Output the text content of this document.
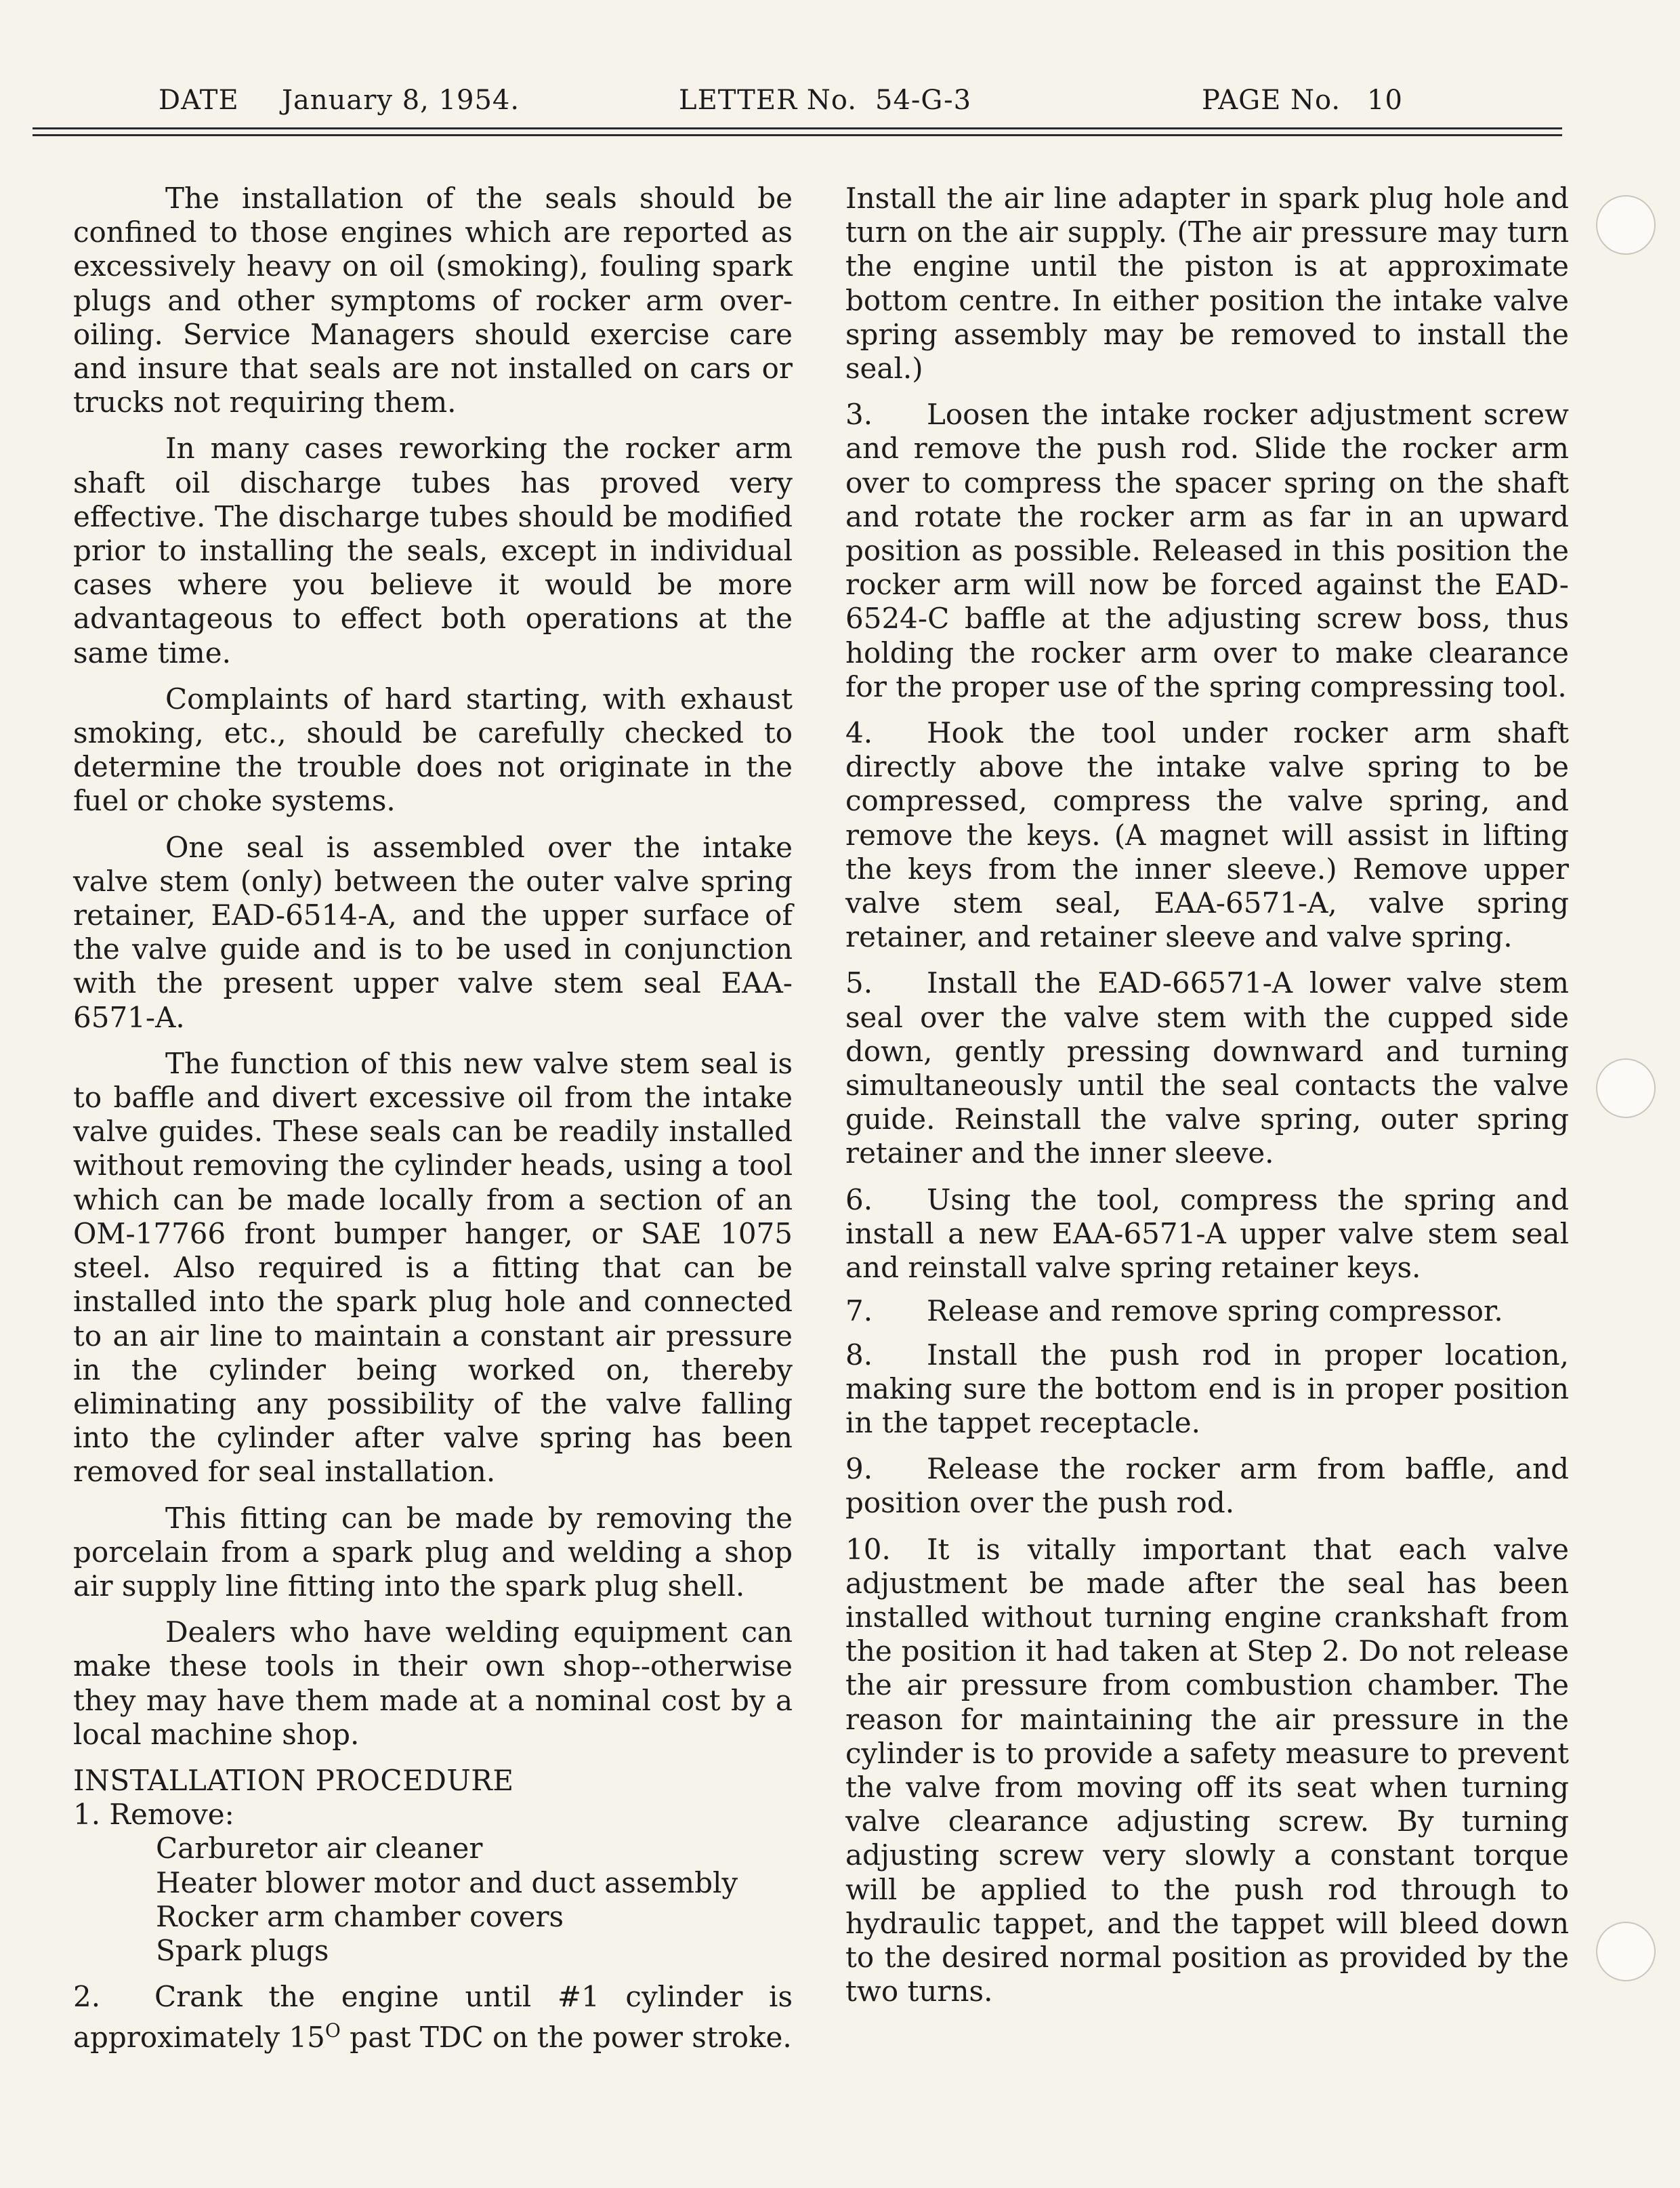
DATE January 8, 1954.	LETTER No. 54-G-3	PAGE No. 10

The installation of the seals should be confined to those engines which are reported as excessively heavy on oil (smoking), fouling spark plugs and other symptoms of rocker arm over-oiling. Service Managers should exercise care and insure that seals are not installed on cars or trucks not requiring them.

In many cases reworking the rocker arm shaft oil discharge tubes has proved very effective. The discharge tubes should be modified prior to installing the seals, except in individual cases where you believe it would be more advantageous to effect both operations at the same time.

Complaints of hard starting, with exhaust smoking, etc., should be carefully checked to determine the trouble does not originate in the fuel or choke systems.

One seal is assembled over the intake valve stem (only) between the outer valve spring retainer, EAD-6514-A, and the upper surface of the valve guide and is to be used in conjunction with the present upper valve stem seal EAA-6571-A.

The function of this new valve stem seal is to baffle and divert excessive oil from the intake valve guides. These seals can be readily installed without removing the cylinder heads, using a tool which can be made locally from a section of an OM-17766 front bumper hanger, or SAE 1075 steel. Also required is a fitting that can be installed into the spark plug hole and connected to an air line to maintain a constant air pressure in the cylinder being worked on, thereby eliminating any possibility of the valve falling into the cylinder after valve spring has been removed for seal installation.

This fitting can be made by removing the porcelain from a spark plug and welding a shop air supply line fitting into the spark plug shell.

Dealers who have welding equipment can make these tools in their own shop--otherwise they may have them made at a nominal cost by a local machine shop.

INSTALLATION PROCEDURE

1. Remove:

Carburetor air cleaner

Heater blower motor and duct assembly

Rocker arm chamber covers

Spark plugs

2. Crank the engine until #1 cylinder is approximately $15^O$ past TDC on the power stroke.

Install the air line adapter in spark plug hole and turn on the air supply. (The air pressure may turn the engine until the piston is at approximate bottom centre. In either position the intake valve spring assembly may be removed to install the seal.)

3. Loosen the intake rocker adjustment screw and remove the push rod. Slide the rocker arm over to compress the spacer spring on the shaft and rotate the rocker arm as far in an upward position as possible. Released in this position the rocker arm will now be forced against the EAD-6524-C baffle at the adjusting screw boss, thus holding the rocker arm over to make clearance for the proper use of the spring compressing tool.

4. Hook the tool under rocker arm shaft directly above the intake valve spring to be compressed, compress the valve spring, and remove the keys. (A magnet will assist in lifting the keys from the inner sleeve.) Remove upper valve stem seal, EAA-6571-A, valve spring retainer, and retainer sleeve and valve spring.

5. Install the EAD-66571-A lower valve stem seal over the valve stem with the cupped side down, gently pressing downward and turning simultaneously until the seal contacts the valve guide. Reinstall the valve spring, outer spring retainer and the inner sleeve.

6. Using the tool, compress the spring and install a new EAA-6571-A upper valve stem seal and reinstall valve spring retainer keys.

7. Release and remove spring compressor.

8. Install the push rod in proper location, making sure the bottom end is in proper position in the tappet receptacle.

9. Release the rocker arm from baffle, and position over the push rod.

10. It is vitally important that each valve adjustment be made after the seal has been installed without turning engine crankshaft from the position it had taken at Step 2. Do not release the air pressure from combustion chamber. The reason for maintaining the air pressure in the cylinder is to provide a safety measure to prevent the valve from moving off its seat when turning valve clearance adjusting screw. By turning adjusting screw very slowly a constant torque will be applied to the push rod through to hydraulic tappet, and the tappet will bleed down to the desired normal position as provided by the two turns.
